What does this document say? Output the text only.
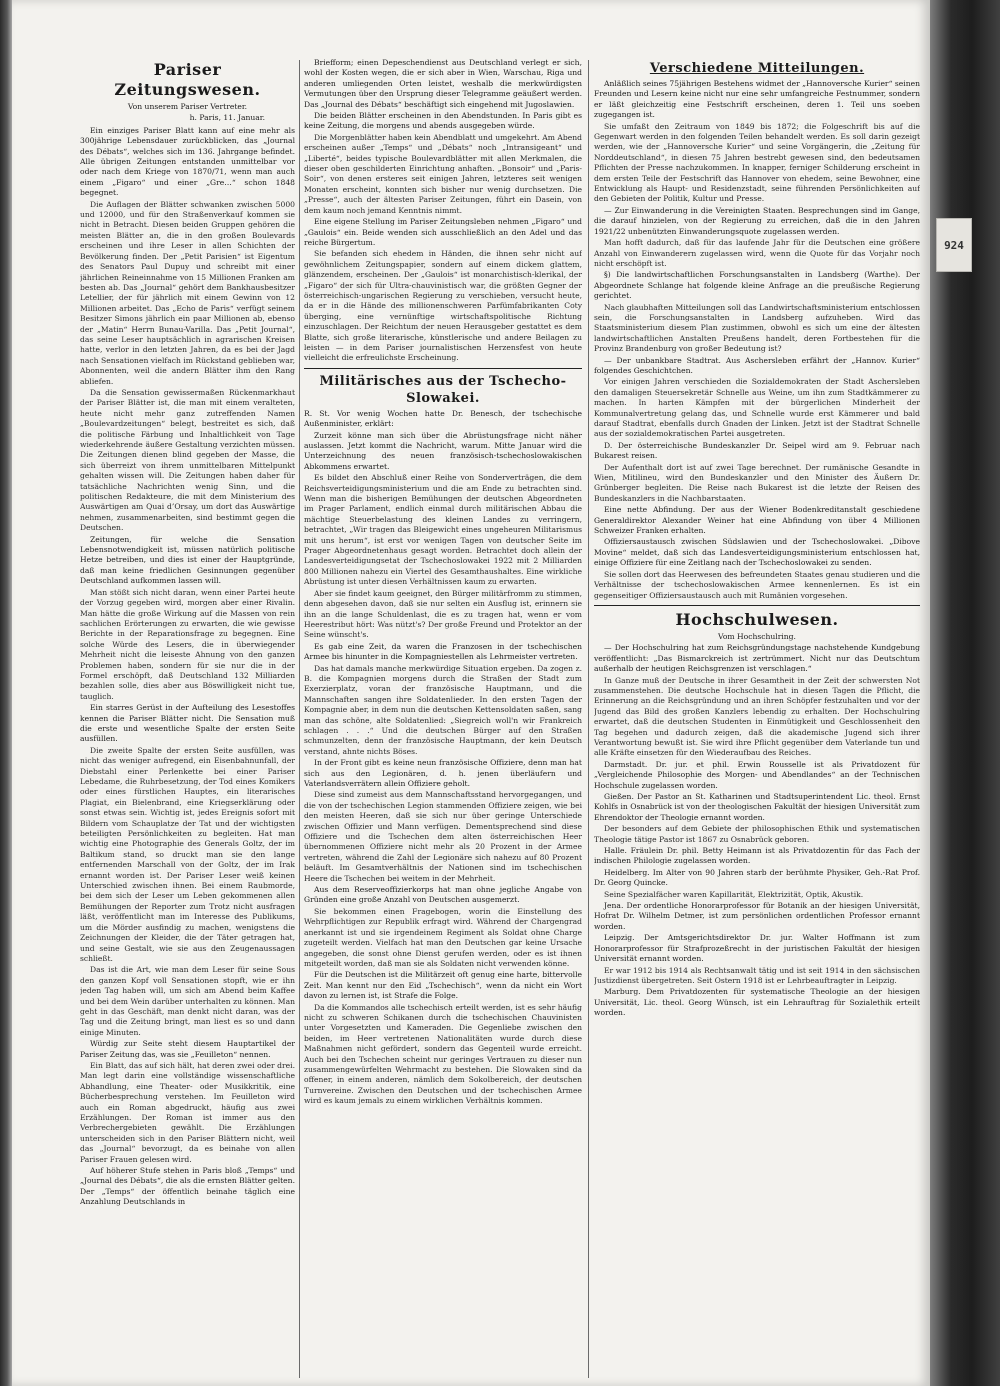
924
Pariser Zeitungswesen.

Von unserem Pariser Vertreter.

h. Paris, 11. Januar.

Ein einziges Pariser Blatt kann auf eine mehr als 300jährige Lebensdauer zurückblicken, das „Journal des Débats“, welches sich im 136. Jahrgange befindet. Alle übrigen Zeitungen entstanden unmittelbar vor oder nach dem Kriege von 1870/71, wenn man auch einem „Figaro“ und einer „Gre…“ schon 1848 begegnet.

Die Auflagen der Blätter schwanken zwischen 5000 und 12000, und für den Straßenverkauf kommen sie nicht in Betracht. Diesen beiden Gruppen gehören die meisten Blätter an, die in den großen Boulevards erscheinen und ihre Leser in allen Schichten der Bevölkerung finden. Der „Petit Parisien“ ist Eigentum des Senators Paul Dupuy und schreibt mit einer jährlichen Reineinnahme von 15 Millionen Franken am besten ab. Das „Journal“ gehört dem Bankhausbesitzer Letellier, der für jährlich mit einem Gewinn von 12 Millionen arbeitet. Das „Echo de Paris“ verfügt seinem Besitzer Simons jährlich ein paar Millionen ab, ebenso der „Matin“ Herrn Bunau-Varilla. Das „Petit Journal“, das seine Leser hauptsächlich in agrarischen Kreisen hatte, verlor in den letzten Jahren, da es bei der Jagd nach Sensationen vielfach im Rückstand geblieben war, Abonnenten, weil die andern Blätter ihm den Rang abliefen.

Da die Sensation gewissermaßen Rückenmarkhaut der Pariser Blätter ist, die man mit einem veralteten, heute nicht mehr ganz zutreffenden Namen „Boulevardzeitungen“ belegt, bestreitet es sich, daß die politische Färbung und Inhaltlichkeit von Tage wiederkehrende äußere Gestaltung verzichten müssen. Die Zeitungen dienen blind gegeben der Masse, die sich überreizt von ihrem unmittelbaren Mittelpunkt gehalten wissen will. Die Zeitungen haben daher für tatsächliche Nachrichten wenig Sinn, und die politischen Redakteure, die mit dem Ministerium des Auswärtigen am Quai d’Orsay, um dort das Auswärtige nehmen, zusammenarbeiten, sind bestimmt gegen die Deutschen.

Zeitungen, für welche die Sensation Lebensnotwendigkeit ist, müssen natürlich politische Hetze betreiben, und dies ist einer der Hauptgründe, daß man keine friedlichen Gesinnungen gegenüber Deutschland aufkommen lassen will.

Man stößt sich nicht daran, wenn einer Partei heute der Vorzug gegeben wird, morgen aber einer Rivalin. Man hätte die große Wirkung auf die Massen von rein sachlichen Erörterungen zu erwarten, die wie gewisse Berichte in der Reparationsfrage zu begegnen. Eine solche Würde des Lesers, die in überwiegender Mehrheit nicht die leiseste Ahnung von den ganzen Problemen haben, sondern für sie nur die in der Formel erschöpft, daß Deutschland 132 Milliarden bezahlen solle, dies aber aus Böswilligkeit nicht tue, tauglich.

Ein starres Gerüst in der Aufteilung des Lesestoffes kennen die Pariser Blätter nicht. Die Sensation muß die erste und wesentliche Spalte der ersten Seite ausfüllen.

Die zweite Spalte der ersten Seite ausfüllen, was nicht das weniger aufregend, ein Eisenbahnunfall, der Diebstahl einer Perlenkette bei einer Pariser Lebedame, die Ruhrbesetzung, der Tod eines Komikers oder eines fürstlichen Hauptes, ein literarisches Plagiat, ein Bielenbrand, eine Kriegserklärung oder sonst etwas sein. Wichtig ist, jedes Ereignis sofort mit Bildern vom Schauplatze der Tat und der wichtigsten beteiligten Persönlichkeiten zu begleiten. Hat man wichtig eine Photographie des Generals Goltz, der im Baltikum stand, so druckt man sie den lange entfernenden Marschall von der Goltz, der im Irak ernannt worden ist. Der Pariser Leser weiß keinen Unterschied zwischen ihnen. Bei einem Raubmorde, bei dem sich der Leser um Leben gekommenen allen Bemühungen der Reporter zum Trotz nicht ausfragen läßt, veröffentlicht man im Interesse des Publikums, um die Mörder ausfindig zu machen, wenigstens die Zeichnungen der Kleider, die der Täter getragen hat, und seine Gestalt, wie sie aus den Zeugenaussagen schließt.

Das ist die Art, wie man dem Leser für seine Sous den ganzen Kopf voll Sensationen stopft, wie er ihn jeden Tag haben will, um sich am Abend beim Kaffee und bei dem Wein darüber unterhalten zu können. Man geht in das Geschäft, man denkt nicht daran, was der Tag und die Zeitung bringt, man liest es so und dann einige Minuten.

Würdig zur Seite steht diesem Hauptartikel der Pariser Zeitung das, was sie „Feuilleton“ nennen.

Ein Blatt, das auf sich hält, hat deren zwei oder drei. Man legt darin eine vollständige wissenschaftliche Abhandlung, eine Theater- oder Musikkritik, eine Bücherbesprechung verstehen. Im Feuilleton wird auch ein Roman abgedruckt, häufig aus zwei Erzählungen. Der Roman ist immer aus den Verbrechergebieten gewählt. Die Erzählungen unterscheiden sich in den Pariser Blättern nicht, weil das „Journal“ bevorzugt, da es beinahe von allen Pariser Frauen gelesen wird.

Auf höherer Stufe stehen in Paris bloß „Temps“ und „Journal des Débats“, die als die ernsten Blätter gelten. Der „Temps“ der öffentlich beinahe täglich eine Anzahlung Deutschlands in

Briefform; einen Depeschendienst aus Deutschland verlegt er sich, wohl der Kosten wegen, die er sich aber in Wien, Warschau, Riga und anderen umliegenden Orten leistet, weshalb die merkwürdigsten Vermutungen über den Ursprung dieser Telegramme geäußert werden. Das „Journal des Débats“ beschäftigt sich eingehend mit Jugoslawien.

Die beiden Blätter erscheinen in den Abendstunden. In Paris gibt es keine Zeitung, die morgens und abends ausgegeben würde.

Die Morgenblätter haben kein Abendblatt und umgekehrt. Am Abend erscheinen außer „Temps“ und „Débats“ noch „Intransigeant“ und „Liberté“, beides typische Boulevardblätter mit allen Merkmalen, die dieser oben geschilderten Einrichtung anhaften. „Bonsoir“ und „Paris-Soir“, von denen ersteres seit einigen Jahren, letzteres seit wenigen Monaten erscheint, konnten sich bisher nur wenig durchsetzen. Die „Presse“, auch der ältesten Pariser Zeitungen, führt ein Dasein, von dem kaum noch jemand Kenntnis nimmt.

Eine eigene Stellung im Pariser Zeitungsleben nehmen „Figaro“ und „Gaulois“ ein. Beide wenden sich ausschließlich an den Adel und das reiche Bürgertum.

Sie befanden sich ehedem in Händen, die ihnen sehr nicht auf gewöhnlichem Zeitungspapier, sondern auf einem dickem glattem, glänzendem, erscheinen. Der „Gaulois“ ist monarchistisch-klerikal, der „Figaro“ der sich für Ultra-chauvinistisch war, die größten Gegner der österreichisch-ungarischen Regierung zu verschieben, versucht heute, da er in die Hände des millionenschweren Parfümfabrikanten Coty überging, eine vernünftige wirtschaftspolitische Richtung einzuschlagen. Der Reichtum der neuen Herausgeber gestattet es dem Blatte, sich große literarische, künstlerische und andere Beilagen zu leisten — in dem Pariser journalistischen Herzensfest von heute vielleicht die erfreulichste Erscheinung.

Militärisches aus der Tschecho-Slowakei.

R. St. Vor wenig Wochen hatte Dr. Benesch, der tschechische Außenminister, erklärt:

Zurzeit könne man sich über die Abrüstungsfrage nicht näher auslassen. Jetzt kommt die Nachricht, warum. Mitte Januar wird die Unterzeichnung des neuen französisch-tschechoslowakischen Abkommens erwartet.

Es bildet den Abschluß einer Reihe von Sonderverträgen, die dem Reichsverteidigungsministerium und die am Ende zu betrachten sind. Wenn man die bisherigen Bemühungen der deutschen Abgeordneten im Prager Parlament, endlich einmal durch militärischen Abbau die mächtige Steuerbelastung des kleinen Landes zu verringern, betrachtet, „Wir tragen das Bleigewicht eines ungeheuren Militarismus mit uns herum“, ist erst vor wenigen Tagen von deutscher Seite im Prager Abgeordnetenhaus gesagt worden. Betrachtet doch allein der Landesverteidigungsetat der Tschechoslowakei 1922 mit 2 Milliarden 800 Millionen nahezu ein Viertel des Gesamthaushaltes. Eine wirkliche Abrüstung ist unter diesen Verhältnissen kaum zu erwarten.

Aber sie findet kaum geeignet, den Bürger militärfromm zu stimmen, denn abgesehen davon, daß sie nur selten ein Ausflug ist, erinnern sie ihn an die lange Schuldenlast, die es zu tragen hat, wenn er vom Heerestribut hört: Was nützt's? Der große Freund und Protektor an der Seine wünscht's.

Es gab eine Zeit, da waren die Franzosen in der tschechischen Armee bis hinunter in die Kompagniestellen als Lehrmeister vertreten.

Das hat damals manche merkwürdige Situation ergeben. Da zogen z. B. die Kompagnien morgens durch die Straßen der Stadt zum Exerzierplatz, voran der französische Hauptmann, und die Mannschaften sangen ihre Soldatenlieder. In den ersten Tagen der Kompagnie aber, in dem nun die deutschen Kettensoldaten saßen, sang man das schöne, alte Soldatenlied: „Siegreich woll'n wir Frankreich schlagen . . .“ Und die deutschen Bürger auf den Straßen schmunzelten, denn der französische Hauptmann, der kein Deutsch verstand, ahnte nichts Böses.

In der Front gibt es keine neun französische Offiziere, denn man hat sich aus den Legionären, d. h. jenen überläufern und Vaterlandsverrätern allein Offiziere geholt.

Diese sind zumeist aus dem Mannschaftsstand hervorgegangen, und die von der tschechischen Legion stammenden Offiziere zeigen, wie bei den meisten Heeren, daß sie sich nur über geringe Unterschiede zwischen Offizier und Mann verfügen. Dementsprechend sind diese Offiziere und die Tschechen dem alten österreichischen Heer übernommenen Offiziere nicht mehr als 20 Prozent in der Armee vertreten, während die Zahl der Legionäre sich nahezu auf 80 Prozent beläuft. Im Gesamtverhältnis der Nationen sind im tschechischen Heere die Tschechen bei weitem in der Mehrheit.

Aus dem Reserveoffizierkorps hat man ohne jegliche Angabe von Gründen eine große Anzahl von Deutschen ausgemerzt.

Sie bekommen einen Fragebogen, worin die Einstellung des Wehrpflichtigen zur Republik erfragt wird. Während der Chargengrad anerkannt ist und sie irgendeinem Regiment als Soldat ohne Charge zugeteilt werden. Vielfach hat man den Deutschen gar keine Ursache angegeben, die sonst ohne Dienst gerufen werden, oder es ist ihnen mitgeteilt worden, daß man sie als Soldaten nicht verwenden könne.

Für die Deutschen ist die Militärzeit oft genug eine harte, bittervolle Zeit. Man kennt nur den Eid „Tschechisch“, wenn da nicht ein Wort davon zu lernen ist, ist Strafe die Folge.

Da die Kommandos alle tschechisch erteilt werden, ist es sehr häufig nicht zu schweren Schikanen durch die tschechischen Chauvinisten unter Vorgesetzten und Kameraden. Die Gegenliebe zwischen den beiden, im Heer vertretenen Nationalitäten wurde durch diese Maßnahmen nicht gefördert, sondern das Gegenteil wurde erreicht. Auch bei den Tschechen scheint nur geringes Vertrauen zu dieser nun zusammengewürfelten Wehrmacht zu bestehen. Die Slowaken sind da offener, in einem anderen, nämlich dem Sokolbereich, der deutschen Turnvereine. Zwischen den Deutschen und der tschechischen Armee wird es kaum jemals zu einem wirklichen Verhältnis kommen.

Verschiedene Mitteilungen.

Anläßlich seines 75jährigen Bestehens widmet der „Hannoversche Kurier“ seinen Freunden und Lesern keine nicht nur eine sehr umfangreiche Festnummer, sondern er läßt gleichzeitig eine Festschrift erscheinen, deren 1. Teil uns soeben zugegangen ist.

Sie umfaßt den Zeitraum von 1849 bis 1872; die Folgeschrift bis auf die Gegenwart werden in den folgenden Teilen behandelt werden. Es soll darin gezeigt werden, wie der „Hannoversche Kurier“ und seine Vorgängerin, die „Zeitung für Norddeutschland“, in diesen 75 Jahren bestrebt gewesen sind, den bedeutsamen Pflichten der Presse nachzukommen. In knapper, ferniger Schilderung erscheint in dem ersten Teile der Festschrift das Hannover von ehedem, seine Bewohner, eine Entwicklung als Haupt- und Residenzstadt, seine führenden Persönlichkeiten auf den Gebieten der Politik, Kultur und Presse.

— Zur Einwanderung in die Vereinigten Staaten. Besprechungen sind im Gange, die darauf hinzielen, von der Regierung zu erreichen, daß die in den Jahren 1921/22 unbenützten Einwanderungsquote zugelassen werden.

Man hofft dadurch, daß für das laufende Jahr für die Deutschen eine größere Anzahl von Einwanderern zugelassen wird, wenn die Quote für das Vorjahr noch nicht erschöpft ist.

§) Die landwirtschaftlichen Forschungsanstalten in Landsberg (Warthe). Der Abgeordnete Schlange hat folgende kleine Anfrage an die preußische Regierung gerichtet.

Nach glaubhaften Mitteilungen soll das Landwirtschaftsministerium entschlossen sein, die Forschungsanstalten in Landsberg aufzuheben. Wird das Staatsministerium diesem Plan zustimmen, obwohl es sich um eine der ältesten landwirtschaftlichen Anstalten Preußens handelt, deren Fortbestehen für die Provinz Brandenburg von großer Bedeutung ist?

— Der unbankbare Stadtrat. Aus Aschersleben erfährt der „Hannov. Kurier“ folgendes Geschichtchen.

Vor einigen Jahren verschieden die Sozialdemokraten der Stadt Aschersleben den damaligen Steuersekretär Schnelle aus Weine, um ihn zum Stadtkämmerer zu machen. In harten Kämpfen mit der bürgerlichen Minderheit der Kommunalvertretung gelang das, und Schnelle wurde erst Kämmerer und bald darauf Stadtrat, ebenfalls durch Gnaden der Linken. Jetzt ist der Stadtrat Schnelle aus der sozialdemokratischen Partei ausgetreten.

D. Der österreichische Bundeskanzler Dr. Seipel wird am 9. Februar nach Bukarest reisen.

Der Aufenthalt dort ist auf zwei Tage berechnet. Der rumänische Gesandte in Wien, Mitilineu, wird den Bundeskanzler und den Minister des Äußern Dr. Grünberger begleiten. Die Reise nach Bukarest ist die letzte der Reisen des Bundeskanzlers in die Nachbarstaaten.

Eine nette Abfindung. Der aus der Wiener Bodenkreditanstalt geschiedene Generaldirektor Alexander Weiner hat eine Abfindung von über 4 Millionen Schweizer Franken erhalten.

Offiziersaustausch zwischen Südslawien und der Tschechoslowakei. „Dibove Movine“ meldet, daß sich das Landesverteidigungsministerium entschlossen hat, einige Offiziere für eine Zeitlang nach der Tschechoslowakei zu senden.

Sie sollen dort das Heerwesen des befreundeten Staates genau studieren und die Verhältnisse der tschechoslowakischen Armee kennenlernen. Es ist ein gegenseitiger Offiziersaustausch auch mit Rumänien vorgesehen.

Hochschulwesen.

Vom Hochschulring.

— Der Hochschulring hat zum Reichsgründungstage nachstehende Kundgebung veröffentlicht: „Das Bismarckreich ist zertrümmert. Nicht nur das Deutschtum außerhalb der heutigen Reichsgrenzen ist verschlagen.“

In Ganze muß der Deutsche in ihrer Gesamtheit in der Zeit der schwersten Not zusammenstehen. Die deutsche Hochschule hat in diesen Tagen die Pflicht, die Erinnerung an die Reichsgründung und an ihren Schöpfer festzuhalten und vor der Jugend das Bild des großen Kanzlers lebendig zu erhalten. Der Hochschulring erwartet, daß die deutschen Studenten in Einmütigkeit und Geschlossenheit den Tag begehen und dadurch zeigen, daß die akademische Jugend sich ihrer Verantwortung bewußt ist. Sie wird ihre Pflicht gegenüber dem Vaterlande tun und alle Kräfte einsetzen für den Wiederaufbau des Reiches.

Darmstadt. Dr. jur. et phil. Erwin Rousselle ist als Privatdozent für „Vergleichende Philosophie des Morgen- und Abendlandes“ an der Technischen Hochschule zugelassen worden.

Gießen. Der Pastor an St. Katharinen und Stadtsuperintendent Lic. theol. Ernst Kohlfs in Osnabrück ist von der theologischen Fakultät der hiesigen Universität zum Ehrendoktor der Theologie ernannt worden.

Der besonders auf dem Gebiete der philosophischen Ethik und systematischen Theologie tätige Pastor ist 1867 zu Osnabrück geboren.

Halle. Fräulein Dr. phil. Betty Heimann ist als Privatdozentin für das Fach der indischen Philologie zugelassen worden.

Heidelberg. Im Alter von 90 Jahren starb der berühmte Physiker, Geh.-Rat Prof. Dr. Georg Quincke.

Seine Spezialfächer waren Kapillarität, Elektrizität, Optik, Akustik.

Jena. Der ordentliche Honorarprofessor für Botanik an der hiesigen Universität, Hofrat Dr. Wilhelm Detmer, ist zum persönlichen ordentlichen Professor ernannt worden.

Leipzig. Der Amtsgerichtsdirektor Dr. jur. Walter Hoffmann ist zum Honorarprofessor für Strafprozeßrecht in der juristischen Fakultät der hiesigen Universität ernannt worden.

Er war 1912 bis 1914 als Rechtsanwalt tätig und ist seit 1914 in den sächsischen Justizdienst übergetreten. Seit Ostern 1918 ist er Lehrbeauftragter in Leipzig.

Marburg. Dem Privatdozenten für systematische Theologie an der hiesigen Universität, Lic. theol. Georg Wünsch, ist ein Lehrauftrag für Sozialethik erteilt worden.
